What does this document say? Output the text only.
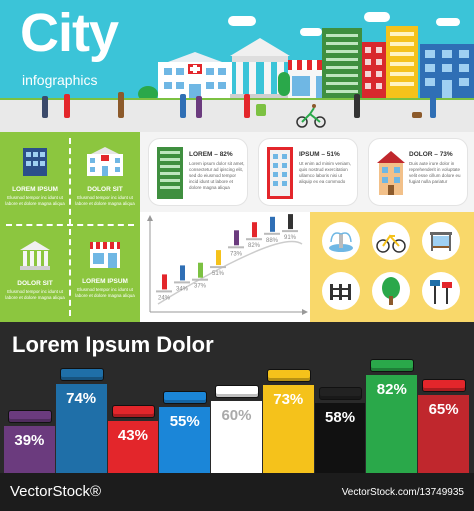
City
infographics
LOREM IPSUM
Elusmod tempor inc idunt ut labore et dolore magna aliqua
DOLOR SIT
Elusmod tempor inc idunt ut labore et dolore magna aliqua
DOLOR SIT
Elusmod tempor inc idunt ut labore et dolore magna aliqua
LOREM IPSUM
Elusmod tempor inc idunt ut labore et dolore magna aliqua
LOREM – 82%
Lorem ipsum dolor sit amet, consectetur ad ipiscing elit, sed do eiusmod tempor incid idunt ut labore et dolore magna aliqua
IPSUM – 51%
Ut enim ad minim veniam, quis nostrud exercitation ullamco laboris nisi ut aliquip ex ea commodo
DOLOR – 73%
Duis aute irure dolor in reprehenderit in voluptate velit esse cillum dolore eu fugiat nulla pariatur
24%
34% 37%
51%
73%
82%
88% 91%
Lorem Ipsum Dolor
39%
74%
43%
55%	60%
73%
58%
82%
65%
VectorStock®	VectorStock.com/13749935
